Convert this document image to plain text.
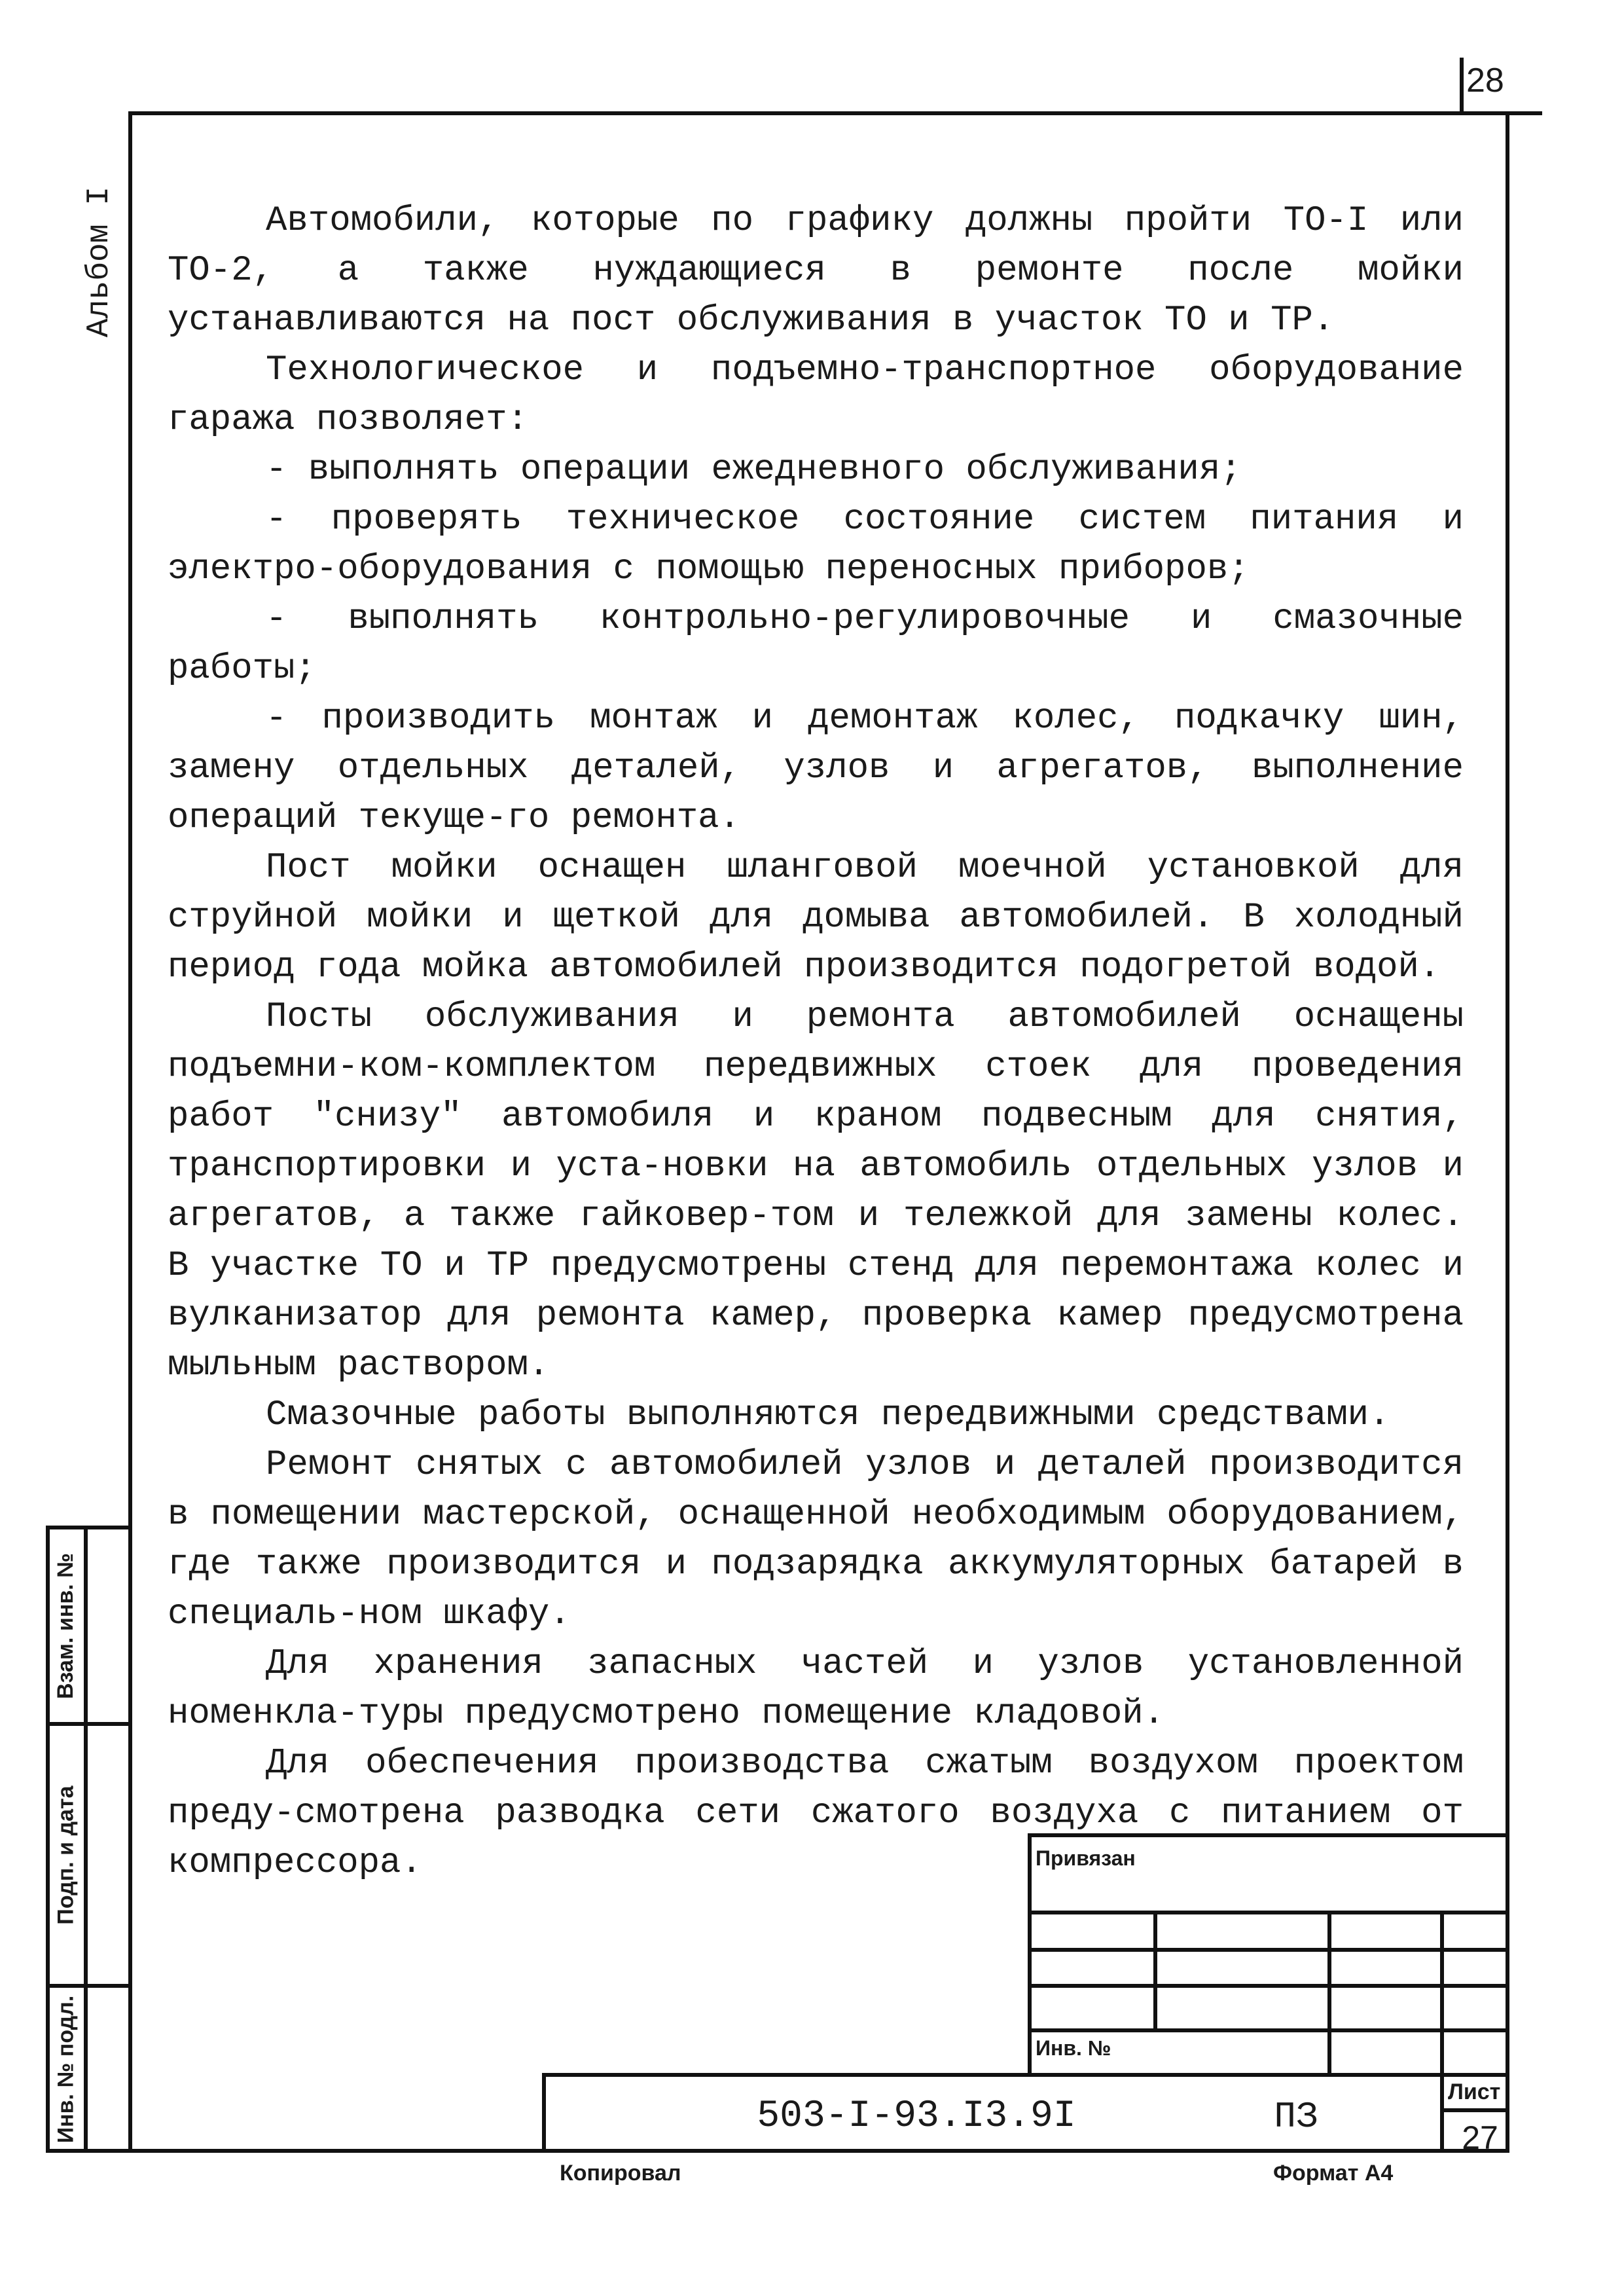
28
Альбом I	Автомобили, которые по графику должны пройти ТО-I или ТО-2, а также нуждающиеся в ремонте после мойки устанавливаются на пост обслуживания в участок ТО и ТР.

Технологическое и подъемно-транспортное оборудование гаража позволяет:

- выполнять операции ежедневного обслуживания;

- проверять техническое состояние систем питания и электро-оборудования с помощью переносных приборов;

- выполнять контрольно-регулировочные и смазочные работы;

- производить монтаж и демонтаж колес, подкачку шин, замену отдельных деталей, узлов и агрегатов, выполнение операций текуще-го ремонта.

Пост мойки оснащен шланговой моечной установкой для струйной мойки и щеткой для домыва автомобилей. В холодный период года мойка автомобилей производится подогретой водой.

Посты обслуживания и ремонта автомобилей оснащены подъемни-ком-комплектом передвижных стоек для проведения работ "снизу" автомобиля и краном подвесным для снятия, транспортировки и уста-новки на автомобиль отдельных узлов и агрегатов, а также гайковер-том и тележкой для замены колес. В участке ТО и ТР предусмотрены стенд для перемонтажа колес и вулканизатор для ремонта камер, проверка камер предусмотрена мыльным раствором.

Смазочные работы выполняются передвижными средствами.

Ремонт снятых с автомобилей узлов и деталей производится в помещении мастерской, оснащенной необходимым оборудованием, где также производится и подзарядка аккумуляторных батарей в специаль-ном шкафу.

Для хранения запасных частей и узлов установленной номенкла-туры предусмотрено помещение кладовой.

Для обеспечения производства сжатым воздухом проектом преду-смотрена разводка сети сжатого воздуха с питанием от компрессора.

Взам. инв. №
Подп. и дата
Инв. № подл.
Привязан
Инв. №
503-I-93.I3.9I	ПЗ
Лист
27
Копировал	Формат А4
